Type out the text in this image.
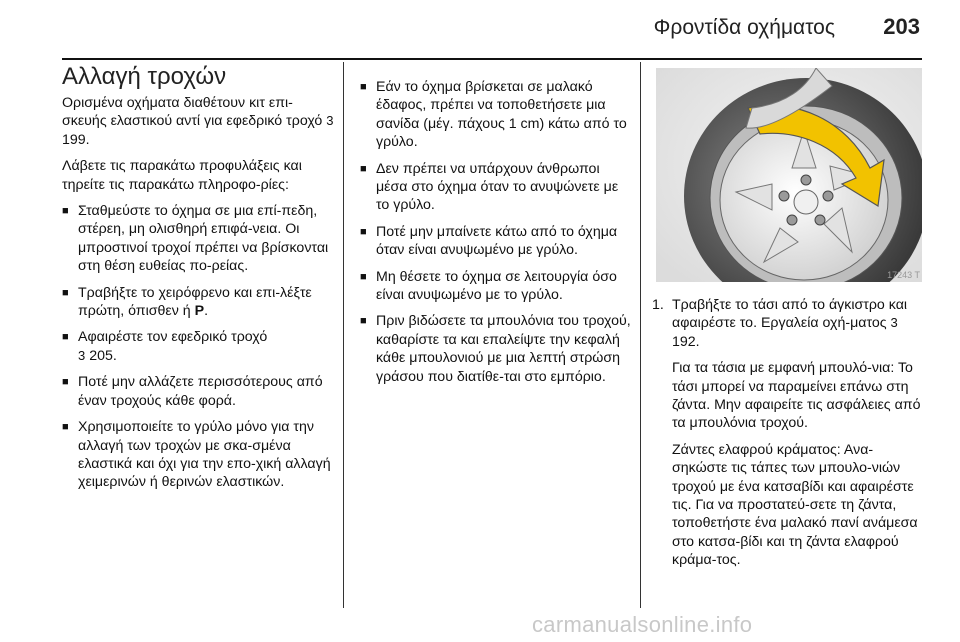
Φροντίδα οχήματος 203
Αλλαγή τροχών

Ορισμένα οχήματα διαθέτουν κιτ επι-σκευής ελαστικού αντί για εφεδρικό τροχό 3 199.

Λάβετε τις παρακάτω προφυλάξεις και τηρείτε τις παρακάτω πληροφο-ρίες:

■ Σταθμεύστε το όχημα σε μια επί-πεδη, στέρεη, μη ολισθηρή επιφά-νεια. Οι μπροστινοί τροχοί πρέπει να βρίσκονται στη θέση ευθείας πο-ρείας.
■ Τραβήξτε το χειρόφρενο και επι-λέξτε πρώτη, όπισθεν ή P.
■ Αφαιρέστε τον εφεδρικό τροχό
3 205.
■ Ποτέ μην αλλάζετε περισσότερους από έναν τροχούς κάθε φορά.
■ Χρησιμοποιείτε το γρύλο μόνο για την αλλαγή των τροχών με σκα-σμένα ελαστικά και όχι για την επο-χική αλλαγή χειμερινών ή θερινών ελαστικών.
■ Εάν το όχημα βρίσκεται σε μαλακό έδαφος, πρέπει να τοποθετήσετε μια σανίδα (μέγ. πάχους 1 cm) κάτω από το γρύλο.
■ Δεν πρέπει να υπάρχουν άνθρωποι μέσα στο όχημα όταν το ανυψώνετε με το γρύλο.
■ Ποτέ μην μπαίνετε κάτω από το όχημα όταν είναι ανυψωμένο με γρύλο.
■ Μη θέσετε το όχημα σε λειτουργία όσο είναι ανυψωμένο με το γρύλο.
■ Πριν βιδώσετε τα μπουλόνια του τροχού, καθαρίστε τα και επαλείψτε την κεφαλή κάθε μπουλονιού με μια λεπτή στρώση γράσου που διατίθε-ται στο εμπόριο.
17243 T
1. Τραβήξτε το τάσι από το άγκιστρο και αφαιρέστε το. Εργαλεία οχή-ματος 3 192.

Για τα τάσια με εμφανή μπουλό-νια: Το τάσι μπορεί να παραμείνει επάνω στη ζάντα. Μην αφαιρείτε τις ασφάλειες από τα μπουλόνια τροχού.

Ζάντες ελαφρού κράματος: Ανα-σηκώστε τις τάπες των μπουλο-νιών τροχού με ένα κατσαβίδι και αφαιρέστε τις. Για να προστατεύ-σετε τη ζάντα, τοποθετήστε ένα μαλακό πανί ανάμεσα στο κατσα-βίδι και τη ζάντα ελαφρού κράμα-τος.

carmanualsonline.info
